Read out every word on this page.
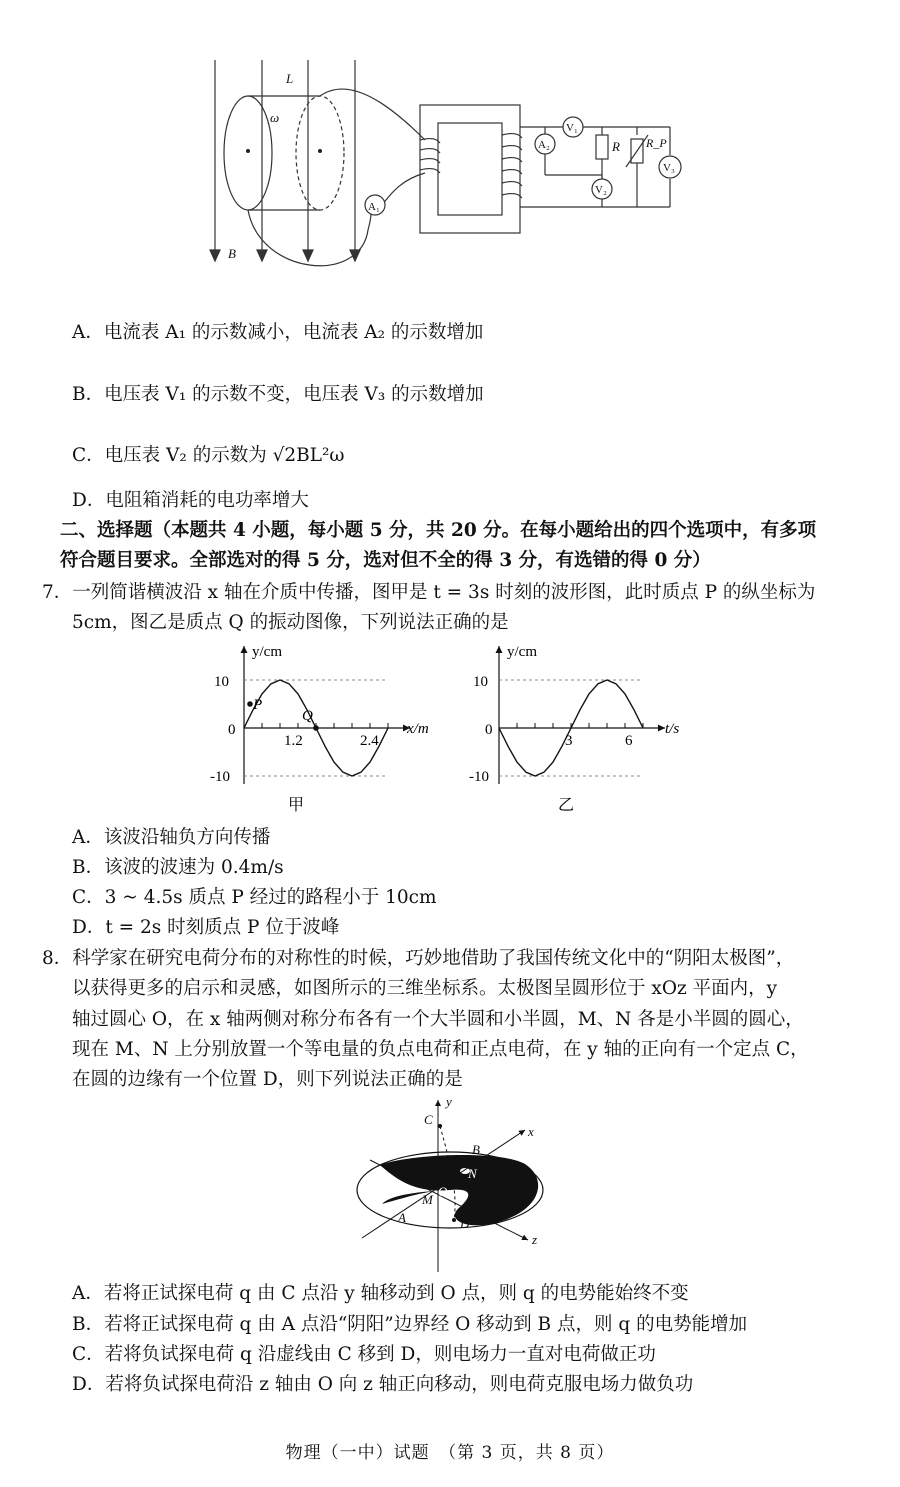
L
ω
B
A₁
A₂
V₁
V₂
V₃
R R_P
A．电流表 A₁ 的示数减小，电流表 A₂ 的示数增加
B．电压表 V₁ 的示数不变，电压表 V₃ 的示数增加
C．电压表 V₂ 的示数为 √2BL²ω
D．电阻箱消耗的电功率增大
二、选择题（本题共 4 小题，每小题 5 分，共 20 分。在每小题给出的四个选项中，有多项
符合题目要求。全部选对的得 5 分，选对但不全的得 3 分，有选错的得 0 分）
7．一列简谐横波沿 x 轴在介质中传播，图甲是 t = 3s 时刻的波形图，此时质点 P 的纵坐标为
5cm，图乙是质点 Q 的振动图像，下列说法正确的是
y/cm
x/m
10
0
-10
1.2	2.4
P
Q
甲
y/cm
t/s
10
0
-10
3	6
乙
A．该波沿轴负方向传播
B．该波的波速为 0.4m/s
C．3 ~ 4.5s 质点 P 经过的路程小于 10cm
D．t = 2s 时刻质点 P 位于波峰
8．科学家在研究电荷分布的对称性的时候，巧妙地借助了我国传统文化中的“阴阳太极图”，
以获得更多的启示和灵感，如图所示的三维坐标系。太极图呈圆形位于 xOz 平面内，y
轴过圆心 O，在 x 轴两侧对称分布各有一个大半圆和小半圆，M、N 各是小半圆的圆心，
现在 M、N 上分别放置一个等电量的负点电荷和正点电荷，在 y 轴的正向有一个定点 C，
在圆的边缘有一个位置 D，则下列说法正确的是
y
x
z
C
B
N
O
M
A	D
A．若将正试探电荷 q 由 C 点沿 y 轴移动到 O 点，则 q 的电势能始终不变
B．若将正试探电荷 q 由 A 点沿“阴阳”边界经 O 移动到 B 点，则 q 的电势能增加
C．若将负试探电荷 q 沿虚线由 C 移到 D，则电场力一直对电荷做正功
D．若将负试探电荷沿 z 轴由 O 向 z 轴正向移动，则电荷克服电场力做负功
物理（一中）试题　（第 3 页，共 8 页）
